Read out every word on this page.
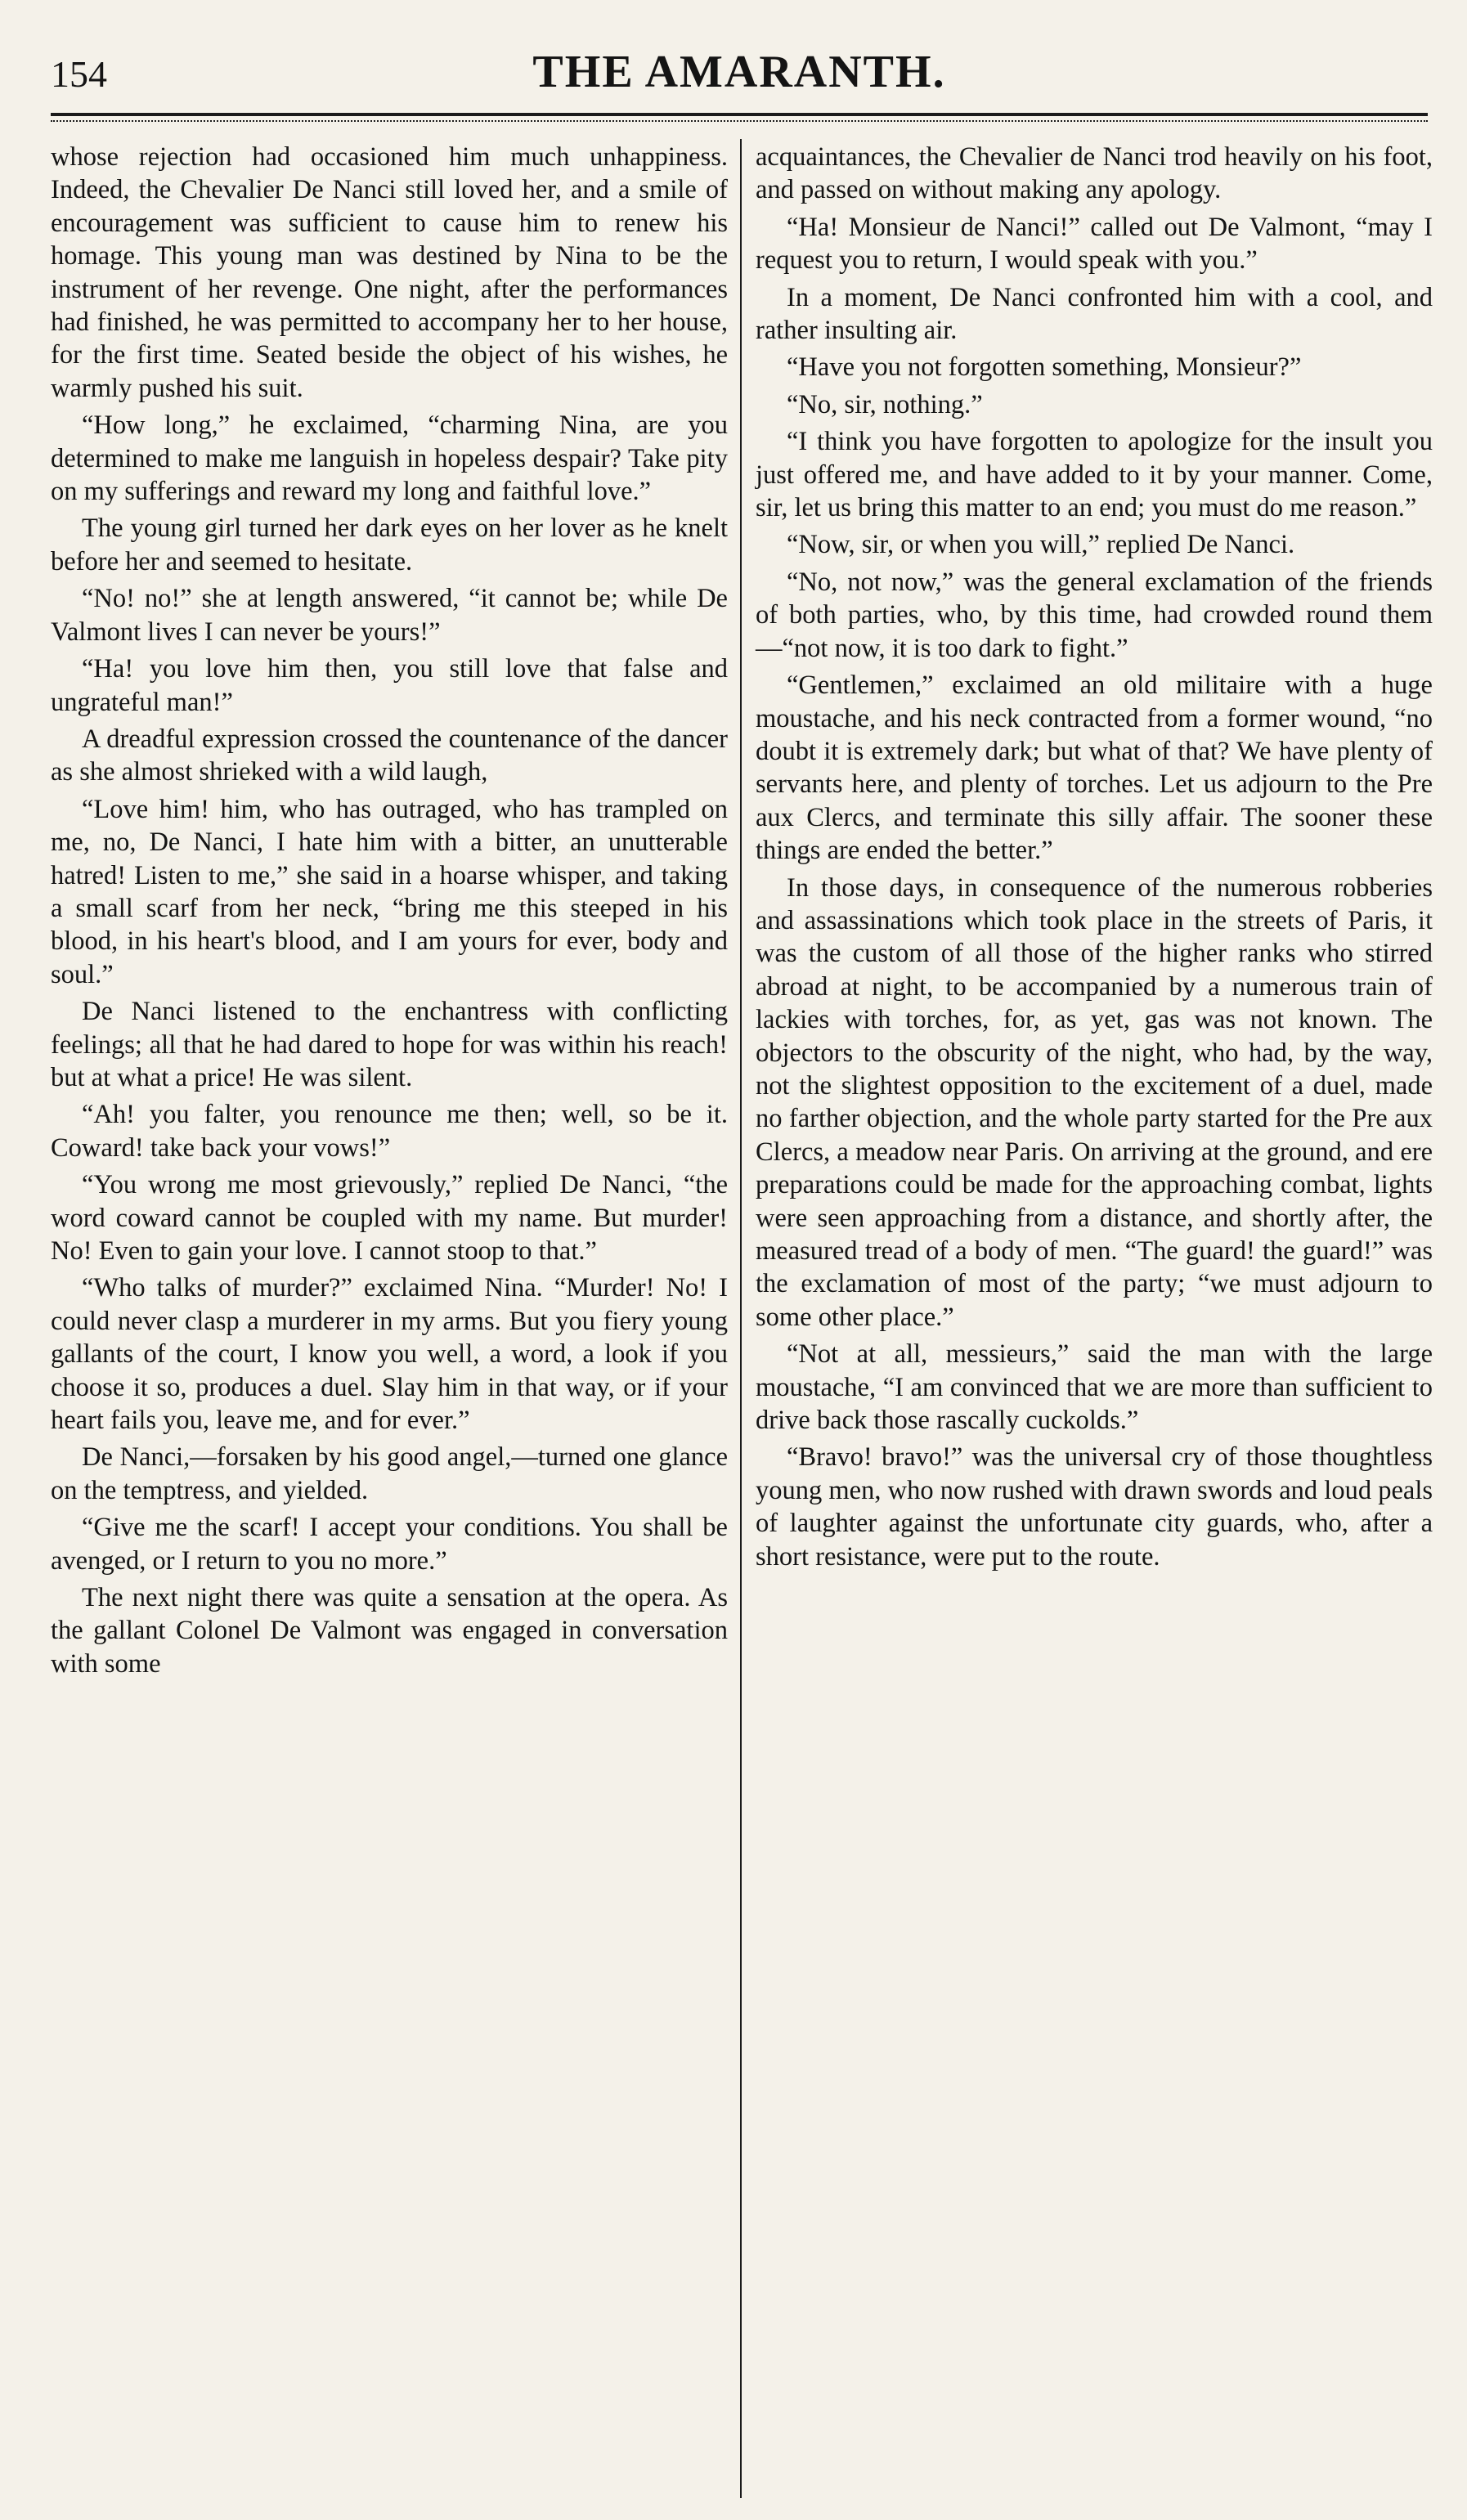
154	THE AMARANTH.

whose rejection had occasioned him much unhappiness. Indeed, the Chevalier De Nanci still loved her, and a smile of encouragement was sufficient to cause him to renew his homage. This young man was destined by Nina to be the instrument of her revenge. One night, after the performances had finished, he was permitted to accompany her to her house, for the first time. Seated beside the object of his wishes, he warmly pushed his suit.

“How long,” he exclaimed, “charming Nina, are you determined to make me languish in hopeless despair? Take pity on my sufferings and reward my long and faithful love.”

The young girl turned her dark eyes on her lover as he knelt before her and seemed to hesitate.

“No! no!” she at length answered, “it cannot be; while De Valmont lives I can never be yours!”

“Ha! you love him then, you still love that false and ungrateful man!”

A dreadful expression crossed the countenance of the dancer as she almost shrieked with a wild laugh,

“Love him! him, who has outraged, who has trampled on me, no, De Nanci, I hate him with a bitter, an unutterable hatred! Listen to me,” she said in a hoarse whisper, and taking a small scarf from her neck, “bring me this steeped in his blood, in his heart's blood, and I am yours for ever, body and soul.”

De Nanci listened to the enchantress with conflicting feelings; all that he had dared to hope for was within his reach! but at what a price! He was silent.

“Ah! you falter, you renounce me then; well, so be it. Coward! take back your vows!”

“You wrong me most grievously,” replied De Nanci, “the word coward cannot be coupled with my name. But murder! No! Even to gain your love. I cannot stoop to that.”

“Who talks of murder?” exclaimed Nina. “Murder! No! I could never clasp a murderer in my arms. But you fiery young gallants of the court, I know you well, a word, a look if you choose it so, produces a duel. Slay him in that way, or if your heart fails you, leave me, and for ever.”

De Nanci,—forsaken by his good angel,—turned one glance on the temptress, and yielded.

“Give me the scarf! I accept your conditions. You shall be avenged, or I return to you no more.”

The next night there was quite a sensation at the opera. As the gallant Colonel De Valmont was engaged in conversation with some

acquaintances, the Chevalier de Nanci trod heavily on his foot, and passed on without making any apology.

“Ha! Monsieur de Nanci!” called out De Valmont, “may I request you to return, I would speak with you.”

In a moment, De Nanci confronted him with a cool, and rather insulting air.

“Have you not forgotten something, Monsieur?”

“No, sir, nothing.”

“I think you have forgotten to apologize for the insult you just offered me, and have added to it by your manner. Come, sir, let us bring this matter to an end; you must do me reason.”

“Now, sir, or when you will,” replied De Nanci.

“No, not now,” was the general exclamation of the friends of both parties, who, by this time, had crowded round them—“not now, it is too dark to fight.”

“Gentlemen,” exclaimed an old militaire with a huge moustache, and his neck contracted from a former wound, “no doubt it is extremely dark; but what of that? We have plenty of servants here, and plenty of torches. Let us adjourn to the Pre aux Clercs, and terminate this silly affair. The sooner these things are ended the better.”

In those days, in consequence of the numerous robberies and assassinations which took place in the streets of Paris, it was the custom of all those of the higher ranks who stirred abroad at night, to be accompanied by a numerous train of lackies with torches, for, as yet, gas was not known. The objectors to the obscurity of the night, who had, by the way, not the slightest opposition to the excitement of a duel, made no farther objection, and the whole party started for the Pre aux Clercs, a meadow near Paris. On arriving at the ground, and ere preparations could be made for the approaching combat, lights were seen approaching from a distance, and shortly after, the measured tread of a body of men. “The guard! the guard!” was the exclamation of most of the party; “we must adjourn to some other place.”

“Not at all, messieurs,” said the man with the large moustache, “I am convinced that we are more than sufficient to drive back those rascally cuckolds.”

“Bravo! bravo!” was the universal cry of those thoughtless young men, who now rushed with drawn swords and loud peals of laughter against the unfortunate city guards, who, after a short resistance, were put to the route.
